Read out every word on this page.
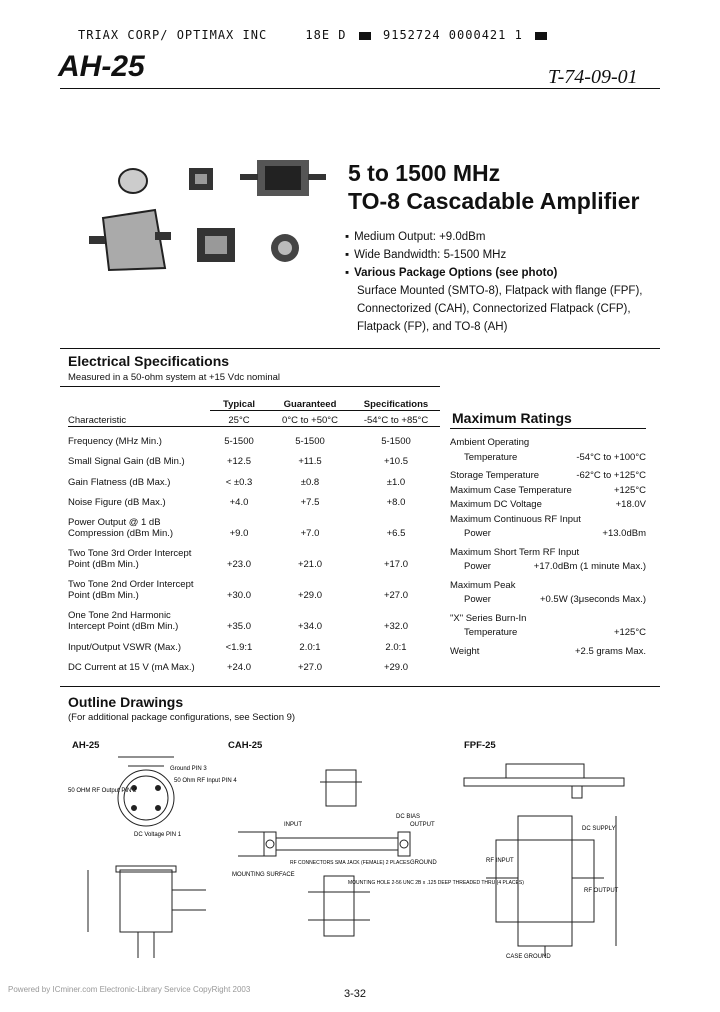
TRIAX CORP/ OPTIMAX INC	18E D	9152724 0000421 1
AH-25	T-74-09-01
5 to 1500 MHz
TO-8 Cascadable Amplifier
▪ Medium Output: +9.0dBm
▪ Wide Bandwidth: 5-1500 MHz
▪ Various Package Options (see photo)
Surface Mounted (SMTO-8), Flatpack with flange (FPF),
Connectorized (CAH), Connectorized Flatpack (CFP),
Flatpack (FP), and TO-8 (AH)
Electrical Specifications
Measured in a 50-ohm system at +15 Vdc nominal
	Typical	Guaranteed	Specifications
Characteristic	25°C	0°C to +50°C	-54°C to +85°C
Frequency (MHz Min.)	5-1500	5-1500	5-1500
Small Signal Gain (dB Min.)	+12.5	+11.5	+10.5
Gain Flatness (dB Max.)	< ±0.3	±0.8	±1.0
Noise Figure (dB Max.)	+4.0	+7.5	+8.0
Power Output @ 1 dB
Compression (dBm Min.)	+9.0	+7.0	+6.5
Two Tone 3rd Order Intercept
Point (dBm Min.)	+23.0	+21.0	+17.0
Two Tone 2nd Order Intercept
Point (dBm Min.)	+30.0	+29.0	+27.0
One Tone 2nd Harmonic
Intercept Point (dBm Min.)	+35.0	+34.0	+32.0
Input/Output VSWR (Max.)	<1.9:1	2.0:1	2.0:1
DC Current at 15 V (mA Max.)	+24.0	+27.0	+29.0
Maximum Ratings
Ambient Operating
Temperature	-54°C to +100°C
Storage Temperature	-62°C to +125°C
Maximum Case Temperature	+125°C
Maximum DC Voltage	+18.0V
Maximum Continuous RF Input
Power	+13.0dBm
Maximum Short Term RF Input
Power	+17.0dBm (1 minute Max.)
Maximum Peak
Power	+0.5W (3μseconds Max.)
"X" Series Burn-In
Temperature	+125°C
Weight	+2.5 grams Max.
Outline Drawings
(For additional package configurations, see Section 9)
AH-25	CAH-25	FPF-25
50 OHM RF Output PIN 2
Ground PIN 3
50 Ohm RF Input PIN 4
DC Voltage PIN 1
DC BIAS
INPUT	OUTPUT
GROUND
RF CONNECTORS SMA JACK (FEMALE) 2 PLACES
MOUNTING SURFACE
MOUNTING HOLE 2-56 UNC 2B x .125 DEEP THREADED THRU (4 PLACES)
DC SUPPLY
RF INPUT
RF OUTPUT
CASE GROUND
3-32
Powered by ICminer.com Electronic-Library Service CopyRight 2003
